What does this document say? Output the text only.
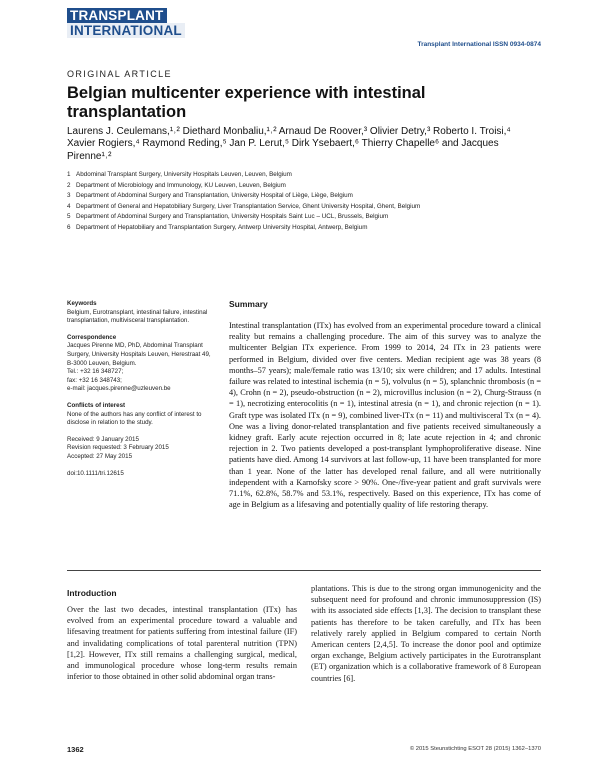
TRANSPLANT
INTERNATIONAL
Transplant International ISSN 0934-0874
ORIGINAL ARTICLE
Belgian multicenter experience with intestinal transplantation
Laurens J. Ceulemans,¹˒² Diethard Monbaliu,¹˒² Arnaud De Roover,³ Olivier Detry,³ Roberto I. Troisi,⁴ Xavier Rogiers,⁴ Raymond Reding,⁵ Jan P. Lerut,⁵ Dirk Ysebaert,⁶ Thierry Chapelle⁶ and Jacques Pirenne¹˒²
1 Abdominal Transplant Surgery, University Hospitals Leuven, Leuven, Belgium
2 Department of Microbiology and Immunology, KU Leuven, Leuven, Belgium
3 Department of Abdominal Surgery and Transplantation, University Hospital of Liège, Liège, Belgium
4 Department of General and Hepatobiliary Surgery, Liver Transplantation Service, Ghent University Hospital, Ghent, Belgium
5 Department of Abdominal Surgery and Transplantation, University Hospitals Saint Luc – UCL, Brussels, Belgium
6 Department of Hepatobiliary and Transplantation Surgery, Antwerp University Hospital, Antwerp, Belgium
Keywords
Belgium, Eurotransplant, intestinal failure, intestinal transplantation, multivisceral transplantation.
Correspondence
Jacques Pirenne MD, PhD, Abdominal Transplant Surgery, University Hospitals Leuven, Herestraat 49, B-3000 Leuven, Belgium.
Tel.: +32 16 348727;
fax: +32 16 348743;
e-mail: jacques.pirenne@uzleuven.be
Conflicts of interest
None of the authors has any conflict of interest to disclose in relation to the study.
Received: 9 January 2015
Revision requested: 3 February 2015
Accepted: 27 May 2015
doi:10.1111/tri.12615
Summary
Intestinal transplantation (ITx) has evolved from an experimental procedure toward a clinical reality but remains a challenging procedure. The aim of this survey was to analyze the multicenter Belgian ITx experience. From 1999 to 2014, 24 ITx in 23 patients were performed in Belgium, divided over five centers. Median recipient age was 38 years (8 months–57 years); male/female ratio was 13/10; six were children; and 17 adults. Intestinal failure was related to intestinal ischemia (n = 5), volvulus (n = 5), splanchnic thrombosis (n = 4), Crohn (n = 2), pseudo-obstruction (n = 2), microvillus inclusion (n = 2), Churg-Strauss (n = 1), necrotizing enterocolitis (n = 1), intestinal atresia (n = 1), and chronic rejection (n = 1). Graft type was isolated ITx (n = 9), combined liver-ITx (n = 11) and multivisceral Tx (n = 4). One was a living donor-related transplantation and five patients received simultaneously a kidney graft. Early acute rejection occurred in 8; late acute rejection in 4; and chronic rejection in 2. Two patients developed a post-transplant lymphoproliferative disease. Nine patients have died. Among 14 survivors at last follow-up, 11 have been transplanted for more than 1 year. None of the latter has developed renal failure, and all were nutritionally independent with a Karnofsky score > 90%. One-/five-year patient and graft survivals were 71.1%, 62.8%, 58.7% and 53.1%, respectively. Based on this experience, ITx has come of age in Belgium as a lifesaving and potentially quality of life restoring therapy.
Introduction
Over the last two decades, intestinal transplantation (ITx) has evolved from an experimental procedure toward a valuable and lifesaving treatment for patients suffering from intestinal failure (IF) and invalidating complications of total parenteral nutrition (TPN) [1,2]. However, ITx still remains a challenging surgical, medical, and immunological procedure whose long-term results remain inferior to those obtained in other solid abdominal organ trans-
plantations. This is due to the strong organ immunogenicity and the subsequent need for profound and chronic immunosuppression (IS) with its associated side effects [1,3]. The decision to transplant these patients has therefore to be taken carefully, and ITx has been relatively rarely applied in Belgium compared to certain North American centers [2,4,5]. To increase the donor pool and optimize organ exchange, Belgium actively participates in the Eurotransplant (ET) organization which is a collaborative framework of 8 European countries [6].
1362	© 2015 Steunstichting ESOT 28 (2015) 1362–1370
